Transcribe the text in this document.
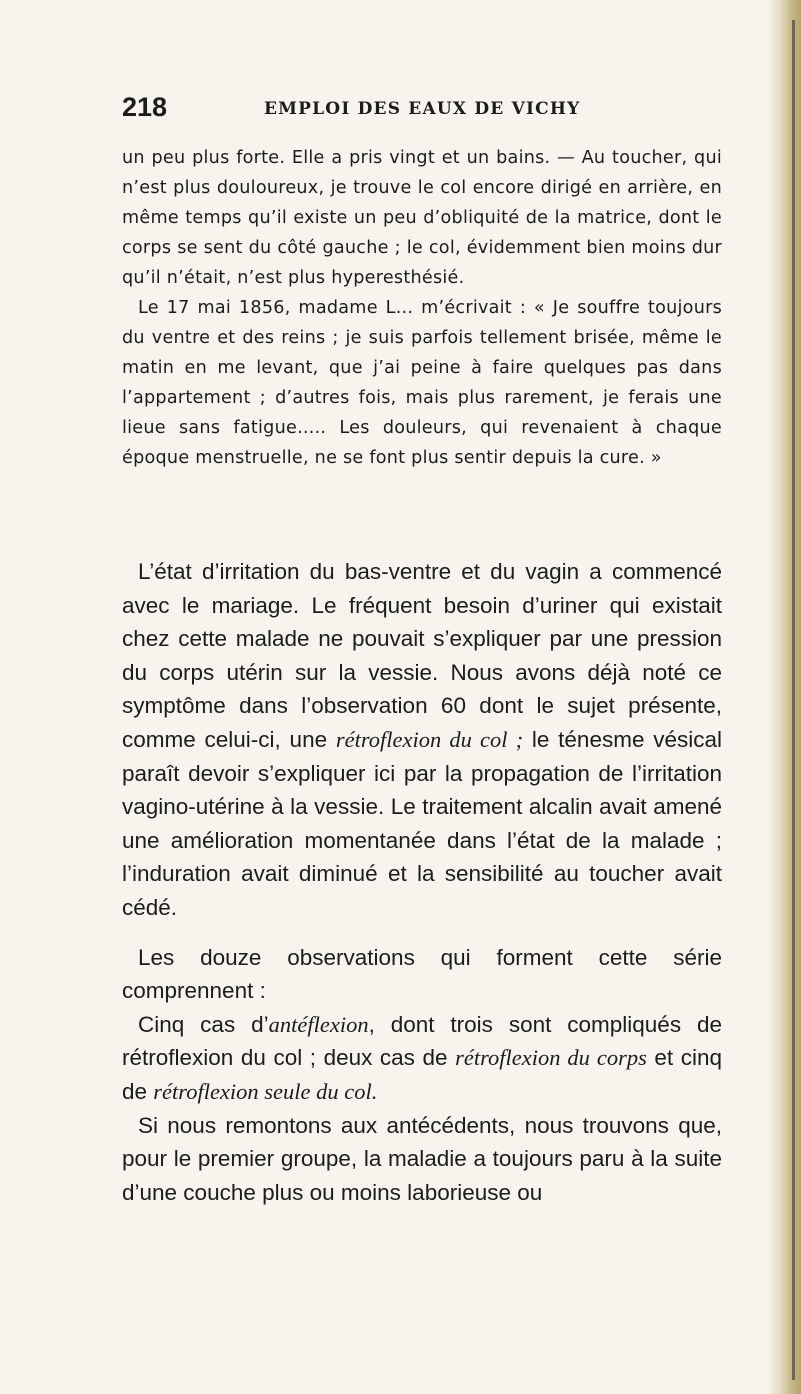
218	EMPLOI DES EAUX DE VICHY

un peu plus forte. Elle a pris vingt et un bains. — Au toucher, qui n’est plus douloureux, je trouve le col encore dirigé en arrière, en même temps qu’il existe un peu d’obliquité de la matrice, dont le corps se sent du côté gauche ; le col, évidemment bien moins dur qu’il n’était, n’est plus hyperesthésié.

Le 17 mai 1856, madame L... m’écrivait : « Je souffre toujours du ventre et des reins ; je suis parfois tellement brisée, même le matin en me levant, que j’ai peine à faire quelques pas dans l’appartement ; d’autres fois, mais plus rarement, je ferais une lieue sans fatigue..... Les douleurs, qui revenaient à chaque époque menstruelle, ne se font plus sentir depuis la cure. »

L’état d’irritation du bas-ventre et du vagin a commencé avec le mariage. Le fréquent besoin d’uriner qui existait chez cette malade ne pouvait s’expliquer par une pression du corps utérin sur la vessie. Nous avons déjà noté ce symptôme dans l’observation 60 dont le sujet présente, comme celui-ci, une rétroflexion du col ; le ténesme vésical paraît devoir s’expliquer ici par la propagation de l’irritation vagino-utérine à la vessie. Le traitement alcalin avait amené une amélioration momentanée dans l’état de la malade ; l’induration avait diminué et la sensibilité au toucher avait cédé.

Les douze observations qui forment cette série comprennent :

Cinq cas d’antéflexion, dont trois sont compliqués de rétroflexion du col ; deux cas de rétroflexion du corps et cinq de rétroflexion seule du col.

Si nous remontons aux antécédents, nous trouvons que, pour le premier groupe, la maladie a toujours paru à la suite d’une couche plus ou moins laborieuse ou
